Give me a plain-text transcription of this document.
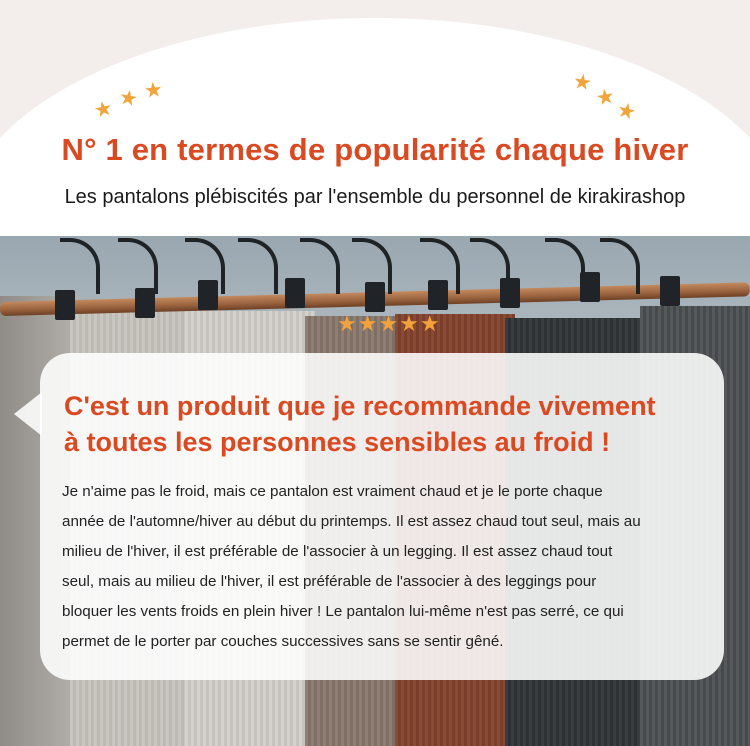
★ ★ ★	★
★
★
N° 1 en termes de popularité chaque hiver

Les pantalons plébiscités par l'ensemble du personnel de kirakirashop

★★★★★
C'est un produit que je recommande vivement
à toutes les personnes sensibles au froid !
Je n'aime pas le froid, mais ce pantalon est vraiment chaud et je le porte chaque
année de l'automne/hiver au début du printemps. Il est assez chaud tout seul, mais au
milieu de l'hiver, il est préférable de l'associer à un legging. Il est assez chaud tout
seul, mais au milieu de l'hiver, il est préférable de l'associer à des leggings pour
bloquer les vents froids en plein hiver ! Le pantalon lui-même n'est pas serré, ce qui
permet de le porter par couches successives sans se sentir gêné.
